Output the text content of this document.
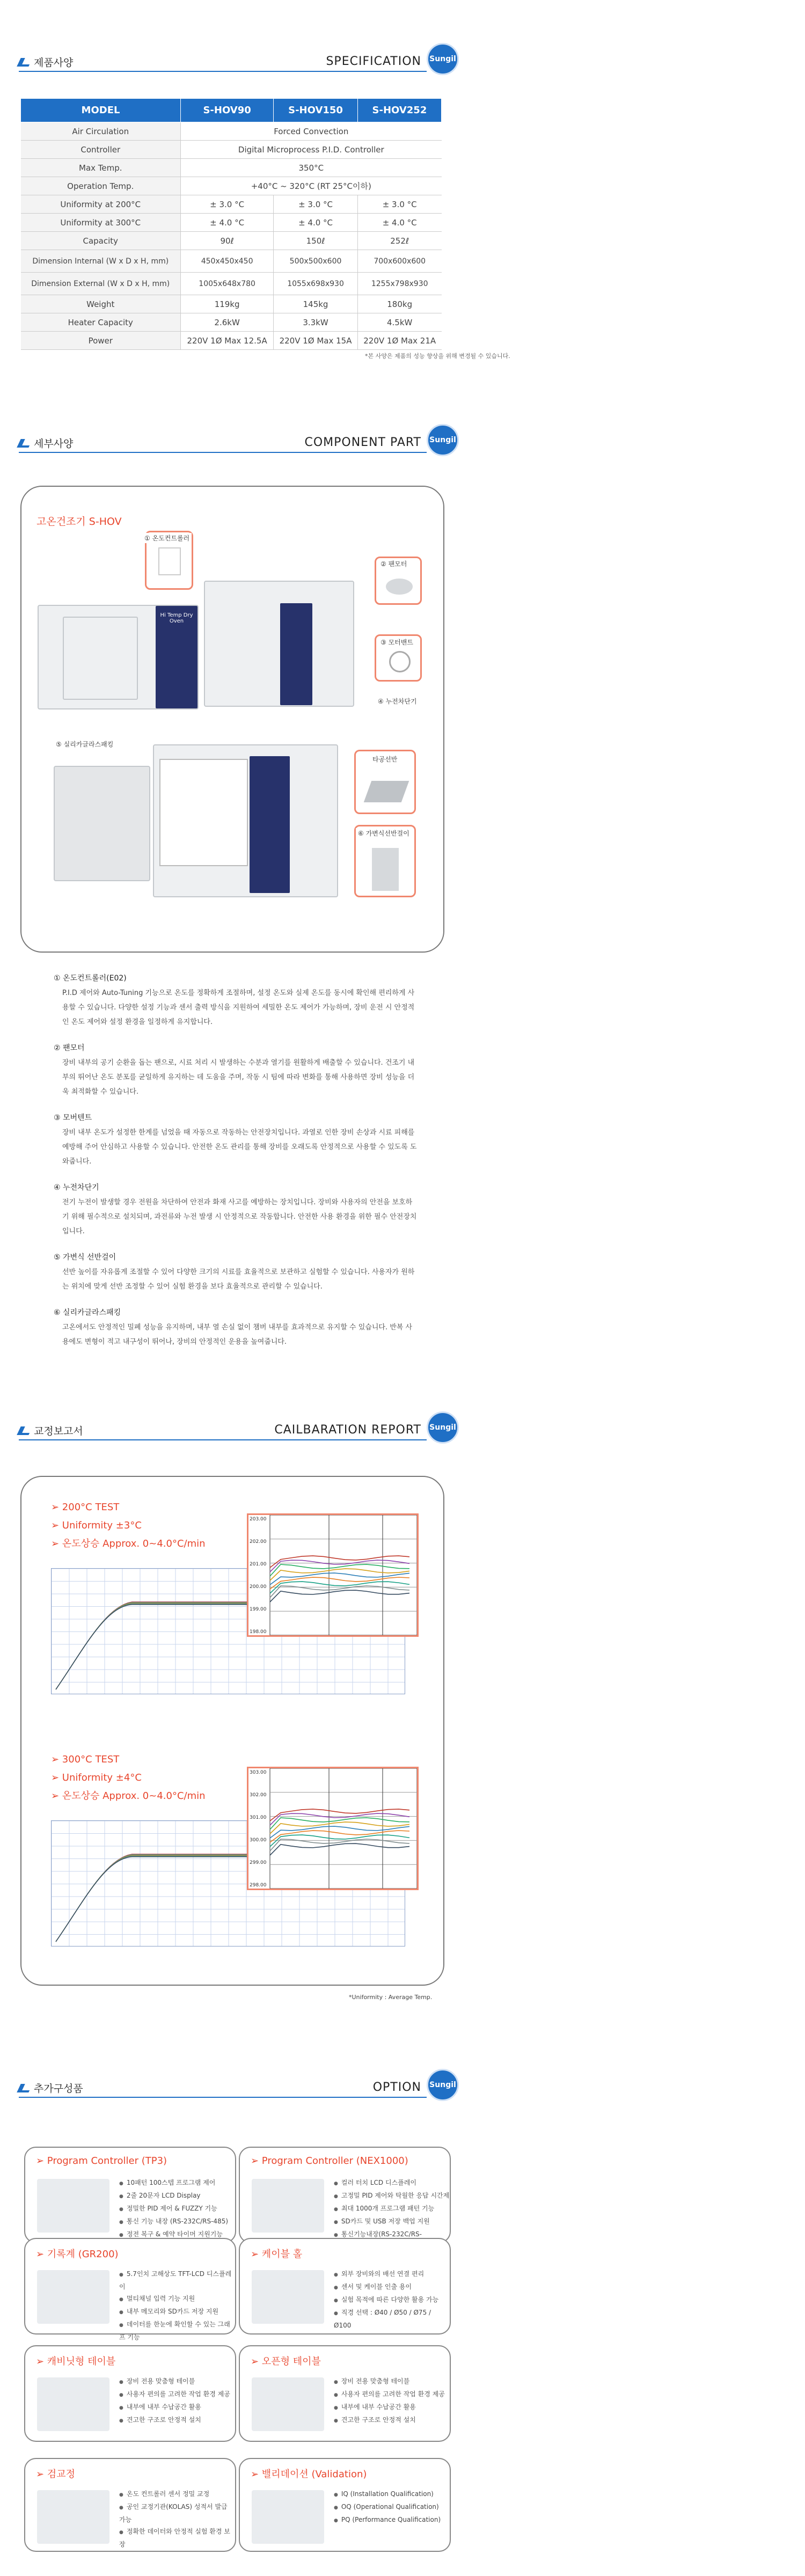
제품사양	SPECIFICATION	Sungil
MODEL	S-HOV90	S-HOV150	S-HOV252
Air Circulation	Forced Convection		
Controller	Digital Microprocess P.I.D. Controller		
Max Temp.	350°C		
Operation Temp.	+40°C ~ 320°C (RT 25°C이하)		
Uniformity at 200°C	± 3.0 °C	± 3.0 °C	± 3.0 °C
Uniformity at 300°C	± 4.0 °C	± 4.0 °C	± 4.0 °C
Capacity	90ℓ	150ℓ	252ℓ
Dimension Internal (W x D x H, mm)	450x450x450	500x500x600	700x600x600
Dimension External (W x D x H, mm)	1005x648x780	1055x698x930	1255x798x930
Weight	119kg	145kg	180kg
Heater Capacity	2.6kW	3.3kW	4.5kW
Power	220V 1Ø Max 12.5A	220V 1Ø Max 15A	220V 1Ø Max 21A
*본 사양은 제품의 성능 향상을 위해 변경될 수 있습니다.
세부사양	COMPONENT PART	Sungil
고온건조기 S-HOV
Hi Temp Dry Oven
① 온도컨트롤러
② 팬모터
③ 모터밴트
④ 누전차단기
⑤ 실리카글라스패킹
타공선반
⑥ 가변식선반걸이
① 온도컨트롤러(E02)

P.I.D 제어와 Auto-Tuning 기능으로 온도를 정확하게 조절하며, 설정 온도와 실제 온도를 동시에 확인해 편리하게 사용할 수 있습니다. 다양한 설정 기능과 센서 출력 방식을 지원하여 세밀한 온도 제어가 가능하며, 장비 운전 시 안정적인 온도 제어와 설정 환경을 일정하게 유지합니다.

② 팬모터

장비 내부의 공기 순환을 돕는 팬으로, 시료 처리 시 발생하는 수분과 열기를 원활하게 배출할 수 있습니다. 건조기 내부의 뛰어난 온도 분포를 균일하게 유지하는 데 도움을 주며, 작동 시 팀에 따라 변화를 통해 사용하면 장비 성능을 더욱 최적화할 수 있습니다.

③ 모버텐트

장비 내부 온도가 설정한 한계를 넘었을 때 자동으로 작동하는 안전장치입니다. 과열로 인한 장비 손상과 시료 피해를 예방해 주어 안심하고 사용할 수 있습니다. 안전한 온도 관리를 통해 장비를 오래도록 안정적으로 사용할 수 있도록 도와줍니다.

④ 누전차단기

전기 누전이 발생할 경우 전원을 차단하여 안전과 화재 사고를 예방하는 장치입니다. 장비와 사용자의 안전을 보호하기 위해 필수적으로 설치되며, 과전류와 누전 발생 시 안정적으로 작동합니다. 안전한 사용 환경을 위한 필수 안전장치입니다.

⑤ 가변식 선반걸이

선반 높이를 자유롭게 조절할 수 있어 다양한 크기의 시료를 효율적으로 보관하고 실험할 수 있습니다. 사용자가 원하는 위치에 맞게 선반 조정할 수 있어 실험 환경을 보다 효율적으로 관리할 수 있습니다.

⑥ 실리카글라스패킹

고온에서도 안정적인 밀폐 성능을 유지하며, 내부 열 손실 없이 챔버 내부를 효과적으로 유지할 수 있습니다. 반복 사용에도 변형이 적고 내구성이 뛰어나, 장비의 안정적인 운용을 높여줍니다.

교정보고서	CAILBARATION REPORT	Sungil
➢ 200°C TEST
➢ Uniformity ±3°C
➢ 온도상승 Approx. 0~4.0°C/min
203.00
202.00
201.00
200.00
199.00
198.00
➢ 300°C TEST
➢ Uniformity ±4°C
➢ 온도상승 Approx. 0~4.0°C/min
303.00
302.00
301.00
300.00
299.00
298.00
*Uniformity : Average Temp.
추가구성품	OPTION	Sungil
➢ Program Controller (TP3)
● 10패턴 100스텝 프로그램 제어
● 2줄 20문자 LCD Display
● 정밀한 PID 제어 & FUZZY 기능
● 통신 기능 내장 (RS-232C/RS-485)
● 정전 복구 & 예약 타이머 지원기능
➢ Program Controller (NEX1000)
● 컬러 터치 LCD 디스플레이
● 고정밀 PID 제어와 탁월한 응답 시간제
● 최대 1000개 프로그램 패턴 기능
● SD카드 및 USB 저장 백업 지원
● 통신기능내장(RS-232C/RS-
➢ 기록계 (GR200)
● 5.7인치 고해상도 TFT-LCD 디스플레이
● 멀티채널 입력 기능 지원
● 내부 메모리와 SD카드 저장 지원
● 데이터를 한눈에 확인할 수 있는 그래프 기능
➢ 케이블 홀
● 외부 장비와의 배선 연결 편리
● 센서 및 케이블 인출 용이
● 실험 목적에 따른 다양한 활용 가능
● 직경 선택 : Ø40 / Ø50 / Ø75 / Ø100
➢ 캐비닛형 테이블
● 장비 전용 맞춤형 테이블
● 사용자 편의를 고려한 작업 환경 제공
● 내부에 내부 수납공간 활용
● 견고한 구조로 안정적 설치
➢ 오픈형 테이블
● 장비 전용 맞춤형 테이블
● 사용자 편의를 고려한 작업 환경 제공
● 내부에 내부 수납공간 활용
● 견고한 구조로 안정적 설치
➢ 검교정
● 온도 컨트롤러 센서 정밀 교정
● 공인 교정기관(KOLAS) 성적서 발급 가능
● 정확한 데이터와 안정적 실험 환경 보장
➢ 밸리데이션 (Validation)
● IQ (Installation Qualification)
● OQ (Operational Qualification)
● PQ (Performance Qualification)
